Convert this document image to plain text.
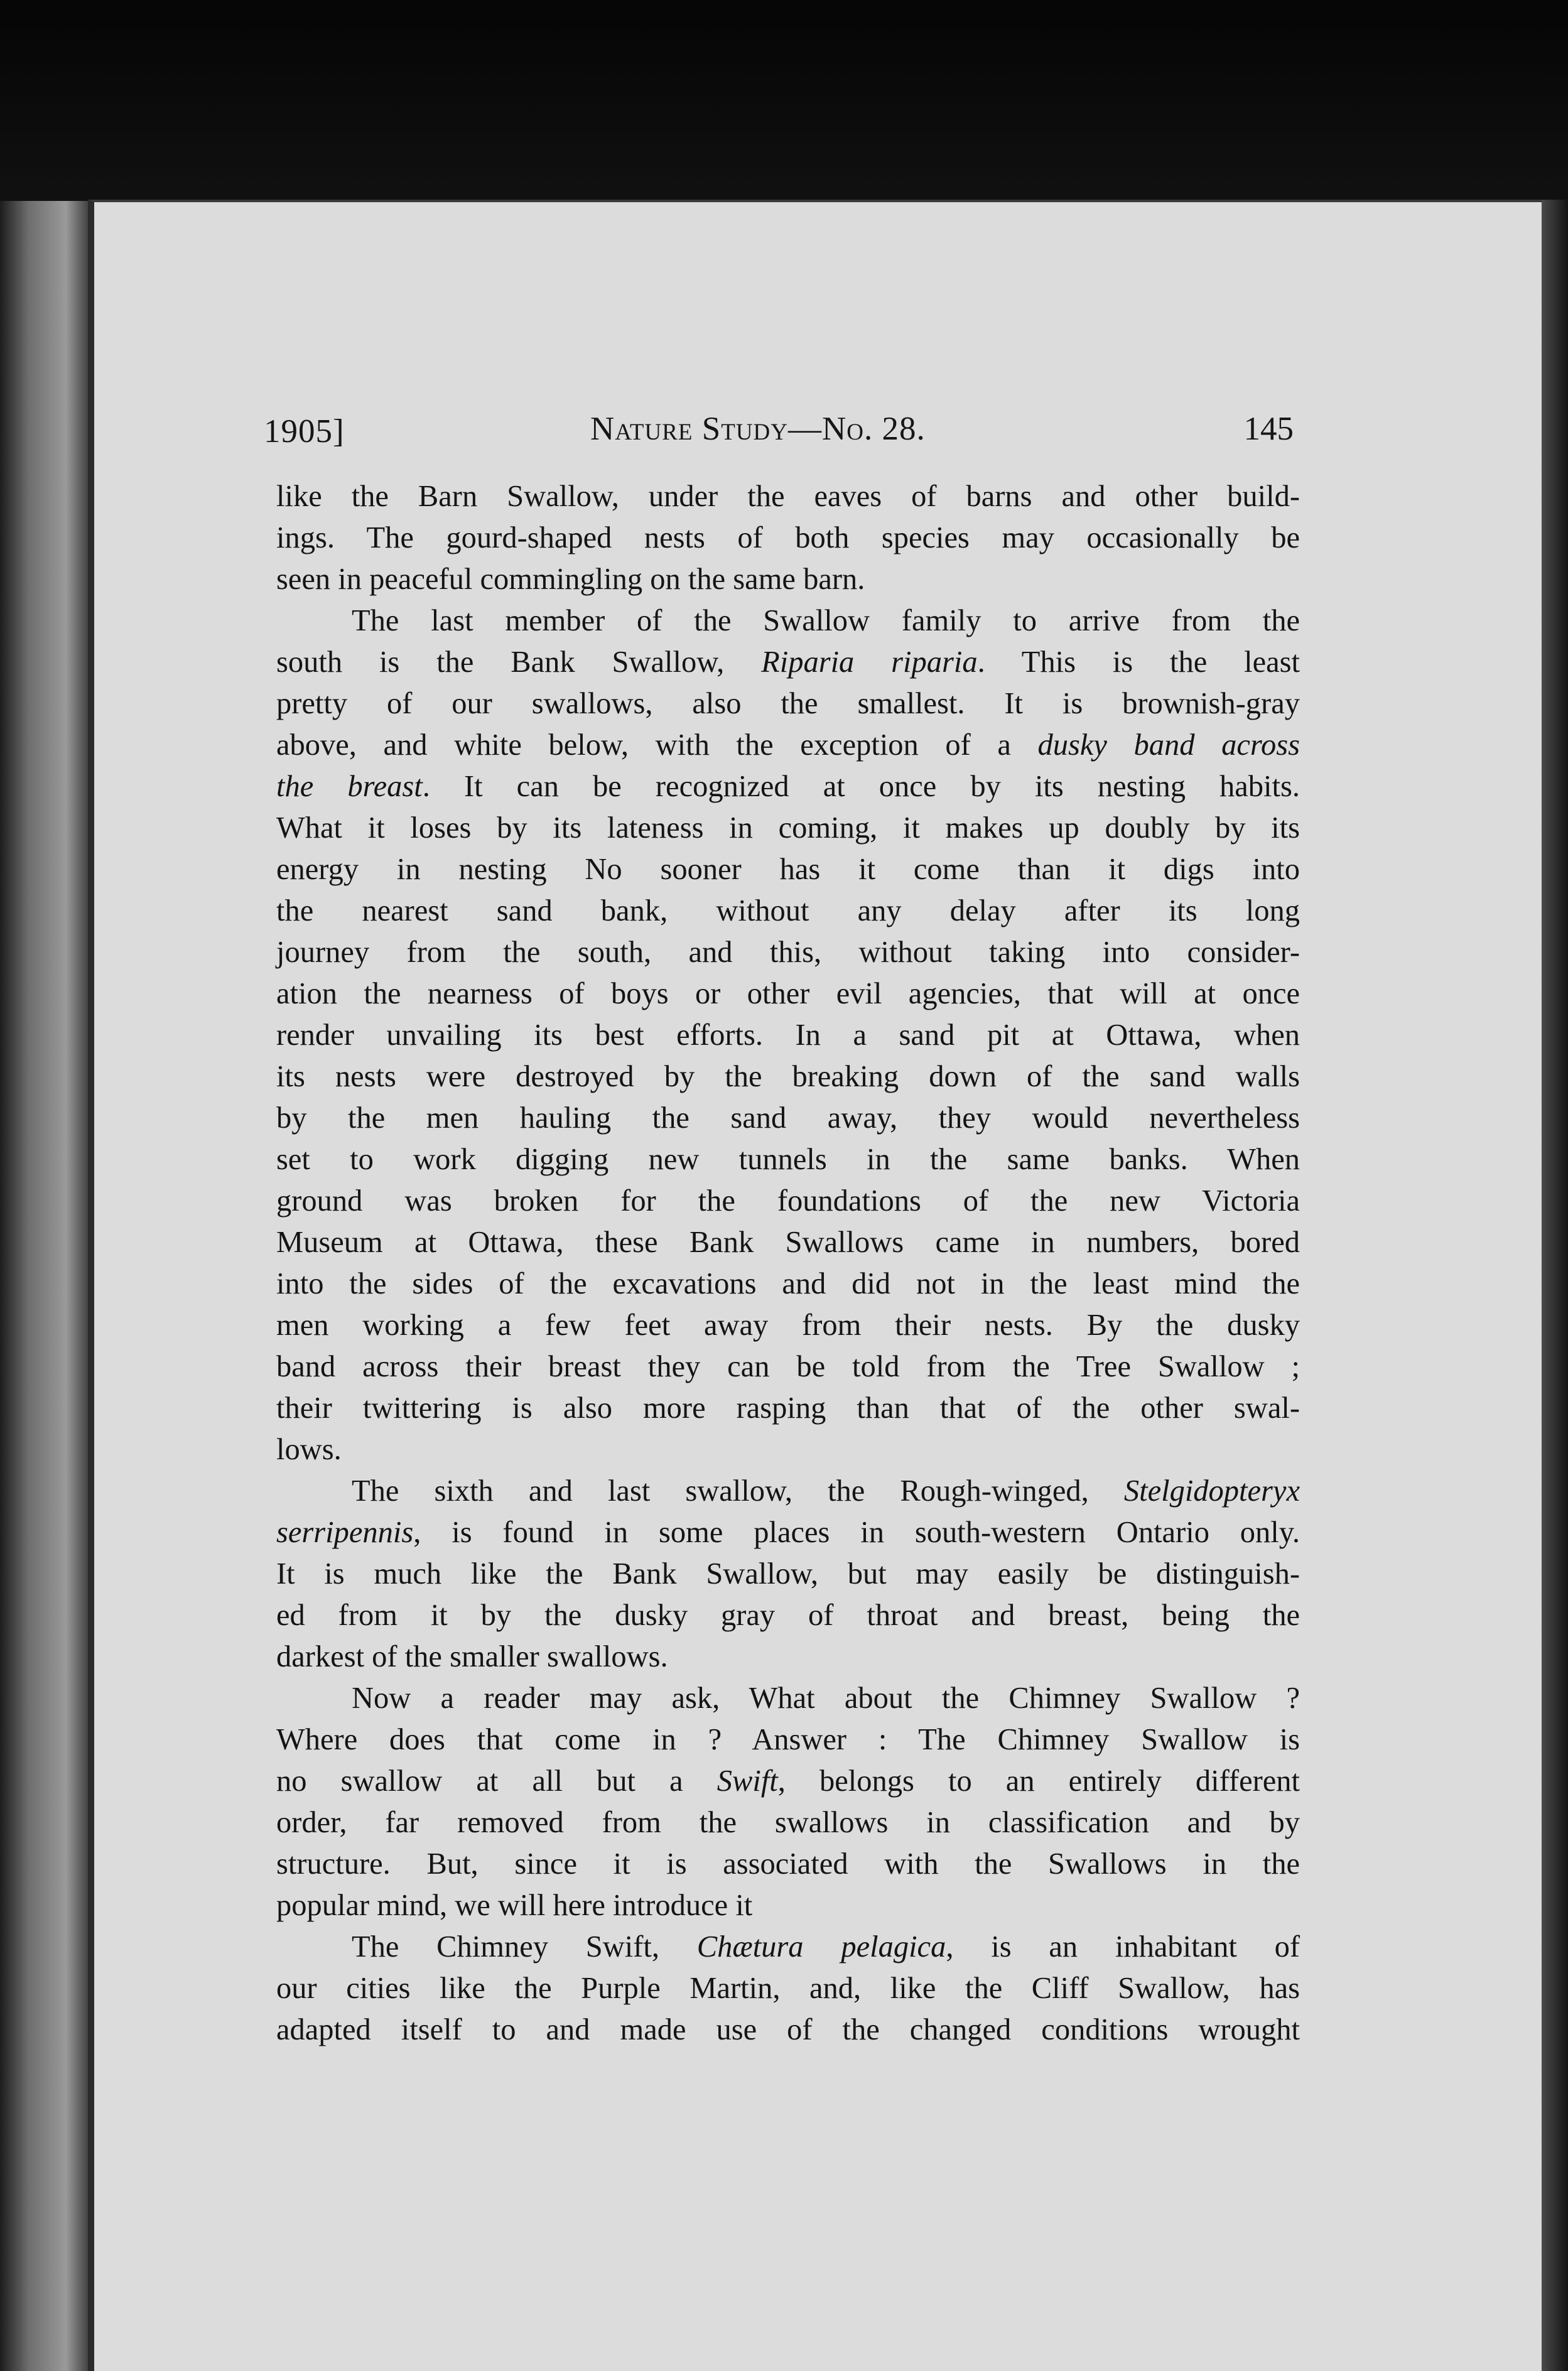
1905]	Nature Study—No. 28.	145
like the Barn Swallow, under the eaves of barns and other build-
ings. The gourd-shaped nests of both species may occasionally be
seen in peaceful commingling on the same barn.
The last member of the Swallow family to arrive from the
south is the Bank Swallow, Riparia riparia. This is the least
pretty of our swallows, also the smallest. It is brownish-gray
above, and white below, with the exception of a dusky band across
the breast. It can be recognized at once by its nesting habits.
What it loses by its lateness in coming, it makes up doubly by its
energy in nesting No sooner has it come than it digs into
the nearest sand bank, without any delay after its long
journey from the south, and this, without taking into consider-
ation the nearness of boys or other evil agencies, that will at once
render unvailing its best efforts. In a sand pit at Ottawa, when
its nests were destroyed by the breaking down of the sand walls
by the men hauling the sand away, they would nevertheless
set to work digging new tunnels in the same banks. When
ground was broken for the foundations of the new Victoria
Museum at Ottawa, these Bank Swallows came in numbers, bored
into the sides of the excavations and did not in the least mind the
men working a few feet away from their nests. By the dusky
band across their breast they can be told from the Tree Swallow ;
their twittering is also more rasping than that of the other swal-
lows.
The sixth and last swallow, the Rough-winged, Stelgidopteryx
serripennis, is found in some places in south-western Ontario only.
It is much like the Bank Swallow, but may easily be distinguish-
ed from it by the dusky gray of throat and breast, being the
darkest of the smaller swallows.
Now a reader may ask, What about the Chimney Swallow ?
Where does that come in ? Answer : The Chimney Swallow is
no swallow at all but a Swift, belongs to an entirely different
order, far removed from the swallows in classification and by
structure. But, since it is associated with the Swallows in the
popular mind, we will here introduce it
The Chimney Swift, Chætura pelagica, is an inhabitant of
our cities like the Purple Martin, and, like the Cliff Swallow, has
adapted itself to and made use of the changed conditions wrought
